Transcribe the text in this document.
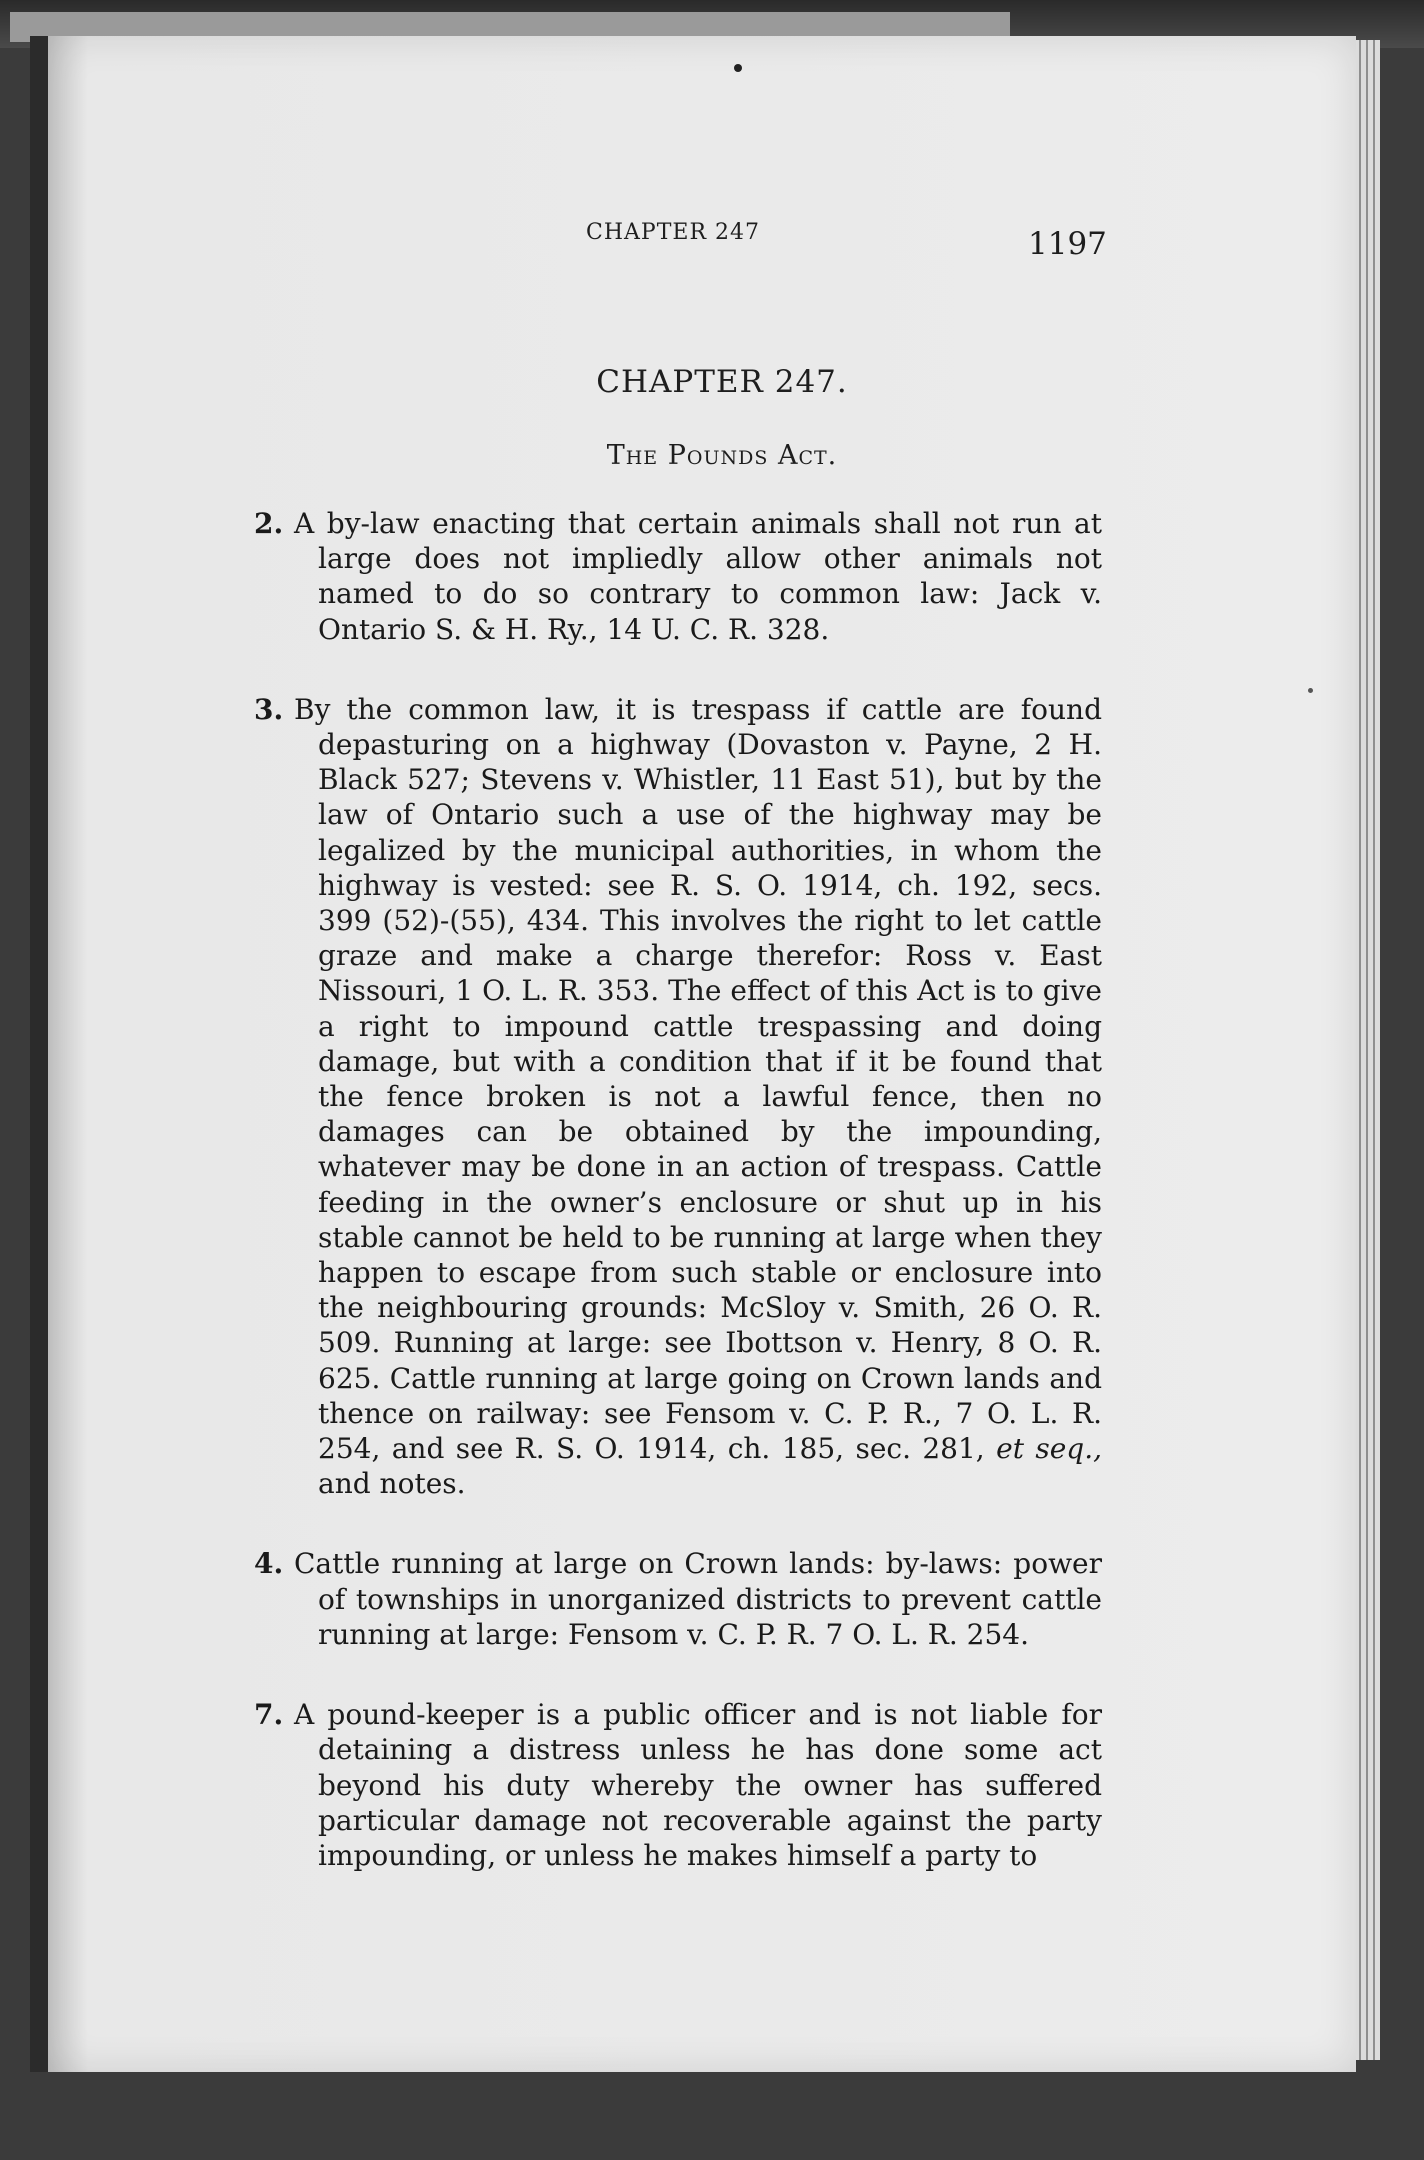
CHAPTER 247	1197
CHAPTER 247.
The Pounds Act.

2. A by-law enacting that certain animals shall not run at large does not impliedly allow other animals not named to do so contrary to common law: Jack v. Ontario S. & H. Ry., 14 U. C. R. 328.

3. By the common law, it is trespass if cattle are found depasturing on a highway (Dovaston v. Payne, 2 H. Black 527; Stevens v. Whistler, 11 East 51), but by the law of Ontario such a use of the highway may be legalized by the municipal authorities, in whom the highway is vested: see R. S. O. 1914, ch. 192, secs. 399 (52)-(55), 434. This involves the right to let cattle graze and make a charge therefor: Ross v. East Nissouri, 1 O. L. R. 353. The effect of this Act is to give a right to impound cattle trespassing and doing damage, but with a condition that if it be found that the fence broken is not a lawful fence, then no damages can be obtained by the impounding, whatever may be done in an action of trespass. Cattle feeding in the owner’s enclosure or shut up in his stable cannot be held to be running at large when they happen to escape from such stable or enclosure into the neighbouring grounds: McSloy v. Smith, 26 O. R. 509. Running at large: see Ibottson v. Henry, 8 O. R. 625. Cattle running at large going on Crown lands and thence on railway: see Fensom v. C. P. R., 7 O. L. R. 254, and see R. S. O. 1914, ch. 185, sec. 281, et seq., and notes.

4. Cattle running at large on Crown lands: by-laws: power of townships in unorganized districts to prevent cattle running at large: Fensom v. C. P. R. 7 O. L. R. 254.

7. A pound-keeper is a public officer and is not liable for detaining a distress unless he has done some act beyond his duty whereby the owner has suffered particular damage not recoverable against the party impounding, or unless he makes himself a party to
